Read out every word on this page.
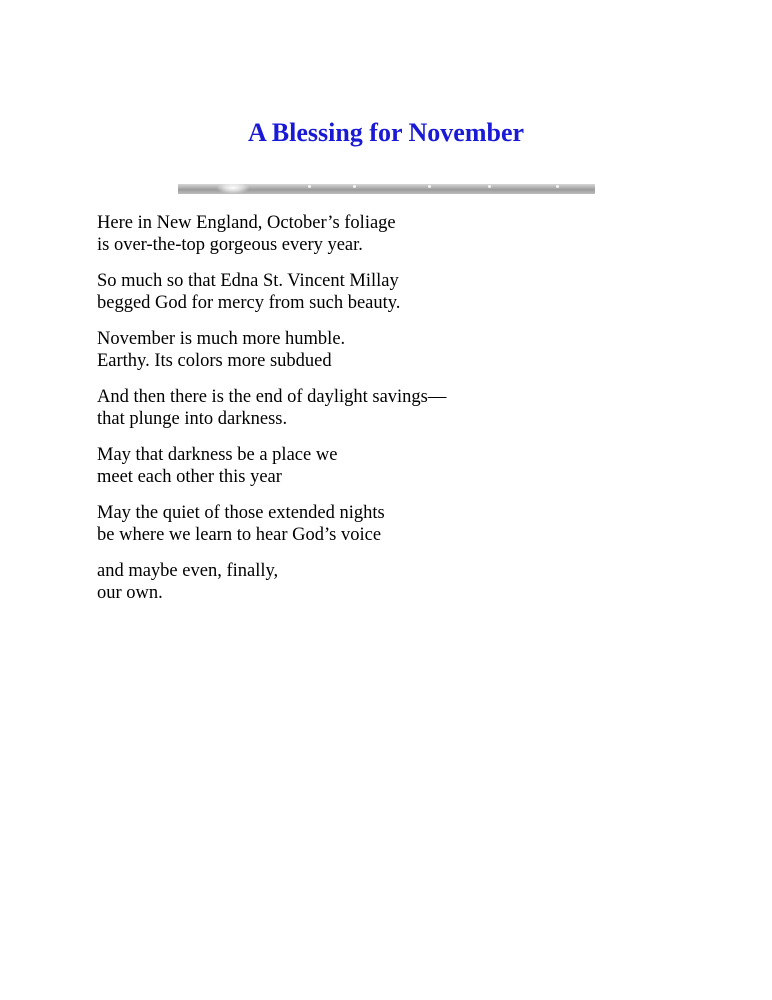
A Blessing for November
Here in New England, October’s foliage
is over-the-top gorgeous every year.
So much so that Edna St. Vincent Millay
begged God for mercy from such beauty.
November is much more humble.
Earthy. Its colors more subdued
And then there is the end of daylight savings—
that plunge into darkness.
May that darkness be a place we
meet each other this year
May the quiet of those extended nights
be where we learn to hear God’s voice
and maybe even, finally,
our own.
